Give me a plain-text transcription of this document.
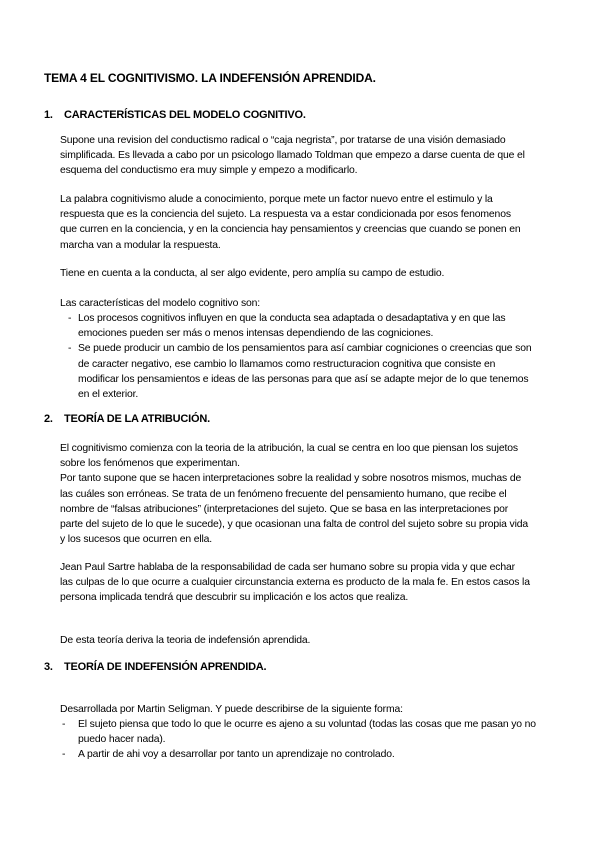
TEMA 4 EL COGNITIVISMO. LA INDEFENSIÓN APRENDIDA.
1. CARACTERÍSTICAS DEL MODELO COGNITIVO.

Supone una revision del conductismo radical o “caja negrista”, por tratarse de una visión demasiado simplificada. Es llevada a cabo por un psicologo llamado Toldman que empezo a darse cuenta de que el esquema del conductismo era muy simple y empezo a modificarlo.

La palabra cognitivismo alude a conocimiento, porque mete un factor nuevo entre el estimulo y la respuesta que es la conciencia del sujeto. La respuesta va a estar condicionada por esos fenomenos que curren en la conciencia, y en la conciencia hay pensamientos y creencias que cuando se ponen en marcha van a modular la respuesta.

Tiene en cuenta a la conducta, al ser algo evidente, pero amplía su campo de estudio.

Las características del modelo cognitivo son:

- Los procesos cognitivos influyen en que la conducta sea adaptada o desadaptativa y en que las emociones pueden ser más o menos intensas dependiendo de las cogniciones.
- Se puede producir un cambio de los pensamientos para así cambiar cogniciones o creencias que son de caracter negativo, ese cambio lo llamamos como restructuracion cognitiva que consiste en modificar los pensamientos e ideas de las personas para que así se adapte mejor de lo que tenemos en el exterior.
2. TEORÍA DE LA ATRIBUCIÓN.

El cognitivismo comienza con la teoria de la atribución, la cual se centra en loo que piensan los sujetos sobre los fenómenos que experimentan.

Por tanto supone que se hacen interpretaciones sobre la realidad y sobre nosotros mismos, muchas de las cuáles son erróneas. Se trata de un fenómeno frecuente del pensamiento humano, que recibe el nombre de “falsas atribuciones” (interpretaciones del sujeto. Que se basa en las interpretaciones por parte del sujeto de lo que le sucede), y que ocasionan una falta de control del sujeto sobre su propia vida y los sucesos que ocurren en ella.

Jean Paul Sartre hablaba de la responsabilidad de cada ser humano sobre su propia vida y que echar las culpas de lo que ocurre a cualquier circunstancia externa es producto de la mala fe. En estos casos la persona implicada tendrá que descubrir su implicación e los actos que realiza.

De esta teoría deriva la teoria de indefensión aprendida.

3. TEORÍA DE INDEFENSIÓN APRENDIDA.

Desarrollada por Martin Seligman. Y puede describirse de la siguiente forma:

- El sujeto piensa que todo lo que le ocurre es ajeno a su voluntad (todas las cosas que me pasan yo no puedo hacer nada).
- A partir de ahi voy a desarrollar por tanto un aprendizaje no controlado.
